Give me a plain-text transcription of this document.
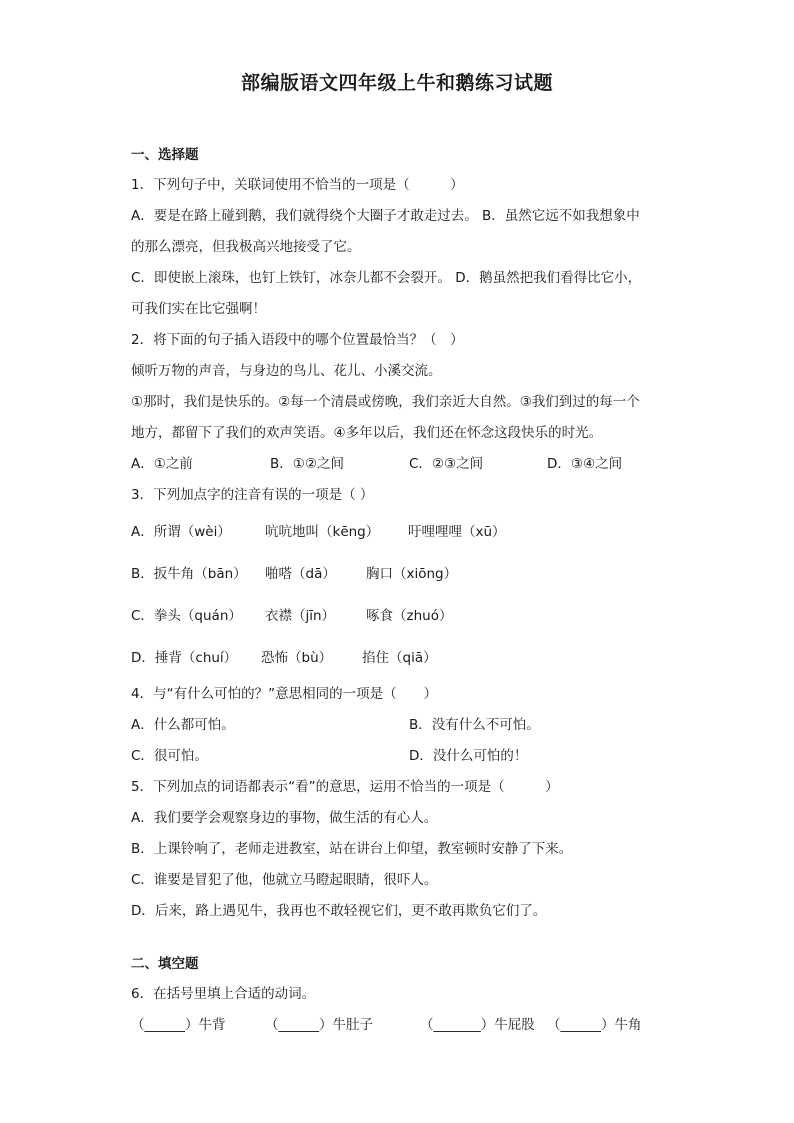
部编版语文四年级上牛和鹅练习试题
一、选择题
1．下列句子中，关联词使用不恰当的一项是（　　　）
A．要是在路上碰到鹅，我们就得绕个大圈子才敢走过去。 B．虽然它远不如我想象中
的那么漂亮，但我极高兴地接受了它。
C．即使嵌上滚珠，也钉上铁钉，冰奈儿都不会裂开。 D．鹅虽然把我们看得比它小，
可我们实在比它强啊！
2．将下面的句子插入语段中的哪个位置最恰当？（　）
倾听万物的声音，与身边的鸟儿、花儿、小溪交流。
①那时，我们是快乐的。②每一个清晨或傍晚，我们亲近大自然。③我们到过的每一个
地方，都留下了我们的欢声笑语。④多年以后，我们还在怀念这段快乐的时光。
A．①之前	B．①②之间	C．②③之间	D．③④之间
3．下列加点字的注音有误的一项是（ ）
A．所谓（wèi）	吭吭地叫（kēng）	吁哩哩哩（xū）
B．扳牛角（bān）	啪嗒（dā）	胸口（xiōng）
C．拳头（quán）	衣襟（jīn）	啄食（zhuó）
D．捶背（chuí）	恐怖（bù）	掐住（qiā）
4．与“有什么可怕的？”意思相同的一项是（　　）
A．什么都可怕。	B．没有什么不可怕。
C．很可怕。	D．没什么可怕的！
5．下列加点的词语都表示“看”的意思，运用不恰当的一项是（　　　）
A．我们要学会观察身边的事物，做生活的有心人。
B．上课铃响了，老师走进教室，站在讲台上仰望，教室顿时安静了下来。
C．谁要是冒犯了他，他就立马瞪起眼睛，很吓人。
D．后来，路上遇见牛，我再也不敢轻视它们，更不敢再欺负它们了。
二、填空题
6．在括号里填上合适的动词。
（______）牛背	（______）牛肚子	（_______）牛屁股 （______）牛角
